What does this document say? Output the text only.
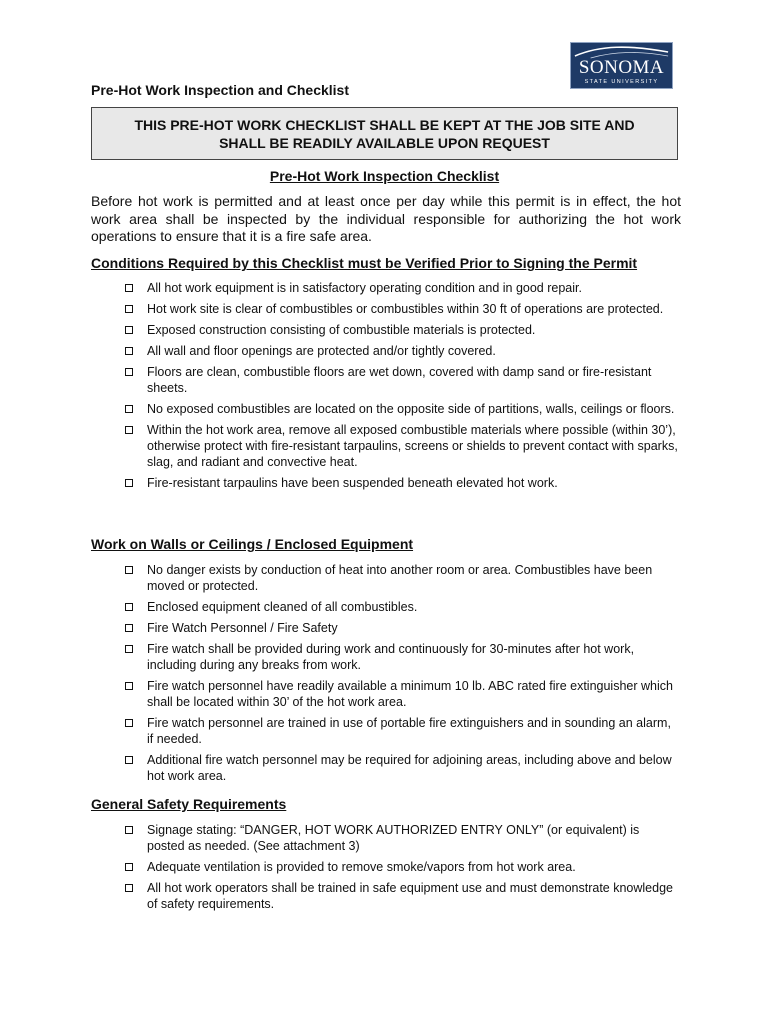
SONOMA
STATE UNIVERSITY
Pre-Hot Work Inspection and Checklist
THIS PRE-HOT WORK CHECKLIST SHALL BE KEPT AT THE JOB SITE AND SHALL BE READILY AVAILABLE UPON REQUEST
Pre-Hot Work Inspection Checklist
Before hot work is permitted and at least once per day while this permit is in effect, the hot work area shall be inspected by the individual responsible for authorizing the hot work operations to ensure that it is a fire safe area.
Conditions Required by this Checklist must be Verified Prior to Signing the Permit
All hot work equipment is in satisfactory operating condition and in good repair.
Hot work site is clear of combustibles or combustibles within 30 ft of operations are protected.
Exposed construction consisting of combustible materials is protected.
All wall and floor openings are protected and/or tightly covered.
Floors are clean, combustible floors are wet down, covered with damp sand or fire-resistant sheets.
No exposed combustibles are located on the opposite side of partitions, walls, ceilings or floors.
Within the hot work area, remove all exposed combustible materials where possible (within 30’), otherwise protect with fire-resistant tarpaulins, screens or shields to prevent contact with sparks, slag, and radiant and convective heat.
Fire-resistant tarpaulins have been suspended beneath elevated hot work.
Work on Walls or Ceilings / Enclosed Equipment
No danger exists by conduction of heat into another room or area. Combustibles have been moved or protected.
Enclosed equipment cleaned of all combustibles.
Fire Watch Personnel / Fire Safety
Fire watch shall be provided during work and continuously for 30-minutes after hot work, including during any breaks from work.
Fire watch personnel have readily available a minimum 10 lb. ABC rated fire extinguisher which shall be located within 30’ of the hot work area.
Fire watch personnel are trained in use of portable fire extinguishers and in sounding an alarm, if needed.
Additional fire watch personnel may be required for adjoining areas, including above and below hot work area.
General Safety Requirements
Signage stating: “DANGER, HOT WORK AUTHORIZED ENTRY ONLY” (or equivalent) is posted as needed. (See attachment 3)
Adequate ventilation is provided to remove smoke/vapors from hot work area.
All hot work operators shall be trained in safe equipment use and must demonstrate knowledge of safety requirements.
